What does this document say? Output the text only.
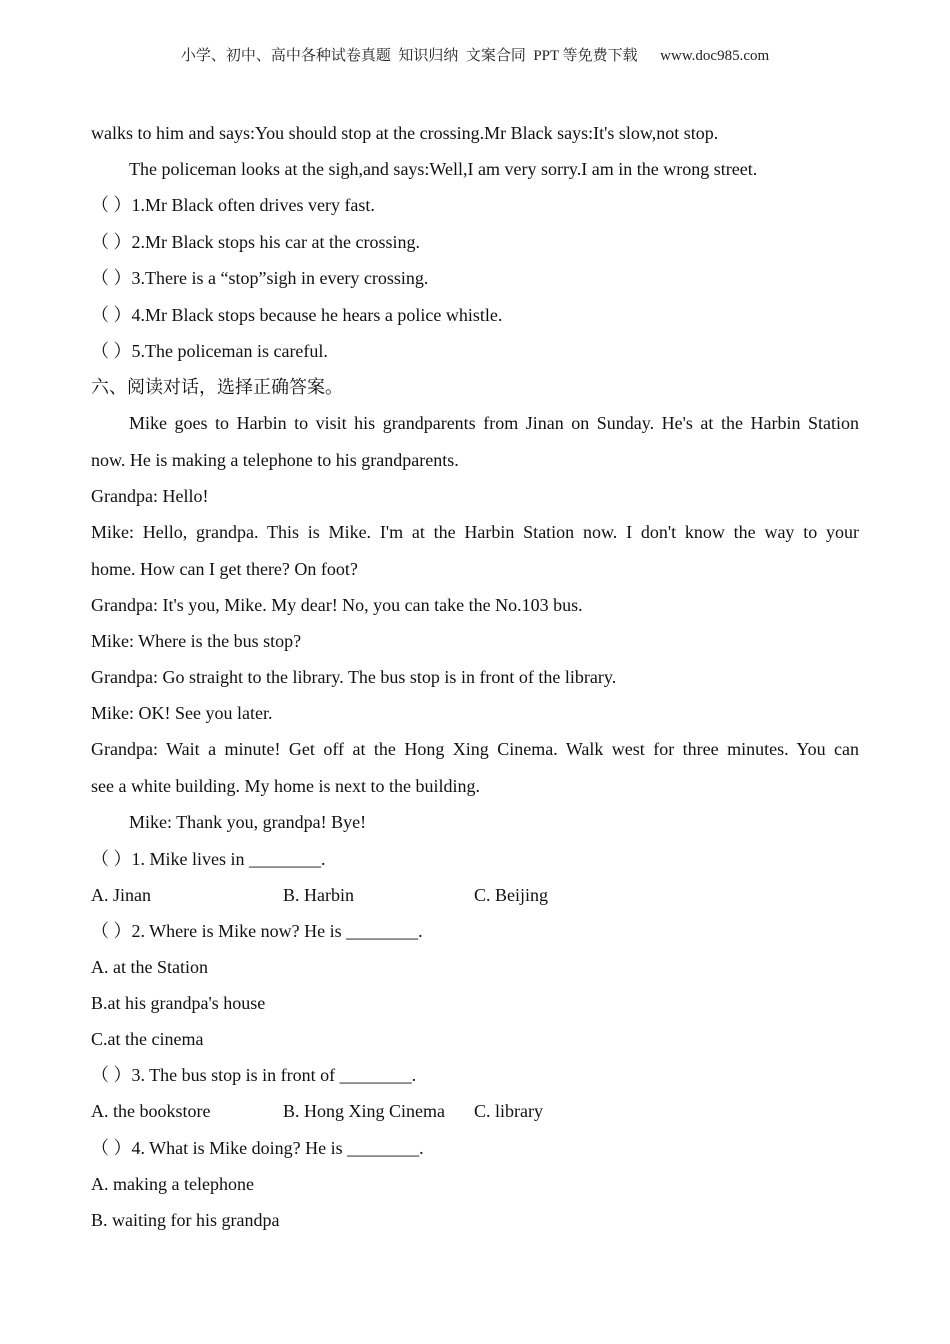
小学、初中、高中各种试卷真题  知识归纳  文案合同  PPT 等免费下载      www.doc985.com
walks to him and says:You should stop at the crossing.Mr Black says:It's slow,not stop.
The policeman looks at the sigh,and says:Well,I am very sorry.I am in the wrong street.
（ ）1.Mr Black often drives very fast.
（ ）2.Mr Black stops his car at the crossing.
（ ）3.There is a “stop”sigh in every crossing.
（ ）4.Mr Black stops because he hears a police whistle.
（ ）5.The policeman is careful.
六、阅读对话，选择正确答案。
Mike goes to Harbin to visit his grandparents from Jinan on Sunday. He's at the Harbin Station
now. He is making a telephone to his grandparents.
Grandpa: Hello!
Mike: Hello, grandpa. This is Mike. I'm at the Harbin Station now. I don't know the way to your
home. How can I get there? On foot?
Grandpa: It's you, Mike. My dear! No, you can take the No.103 bus.
Mike: Where is the bus stop?
Grandpa: Go straight to the library. The bus stop is in front of the library.
Mike: OK! See you later.
Grandpa: Wait a minute! Get off at the Hong Xing Cinema. Walk west for three minutes. You can
see a white building. My home is next to the building.
Mike: Thank you, grandpa! Bye!
（ ）1. Mike lives in ________.
A. Jinan	B. Harbin	C. Beijing
（ ）2. Where is Mike now? He is ________.
A. at the Station
B.at his grandpa's house
C.at the cinema
（ ）3. The bus stop is in front of ________.
A. the bookstore	B. Hong Xing Cinema C. library
（ ）4. What is Mike doing? He is ________.
A. making a telephone
B. waiting for his grandpa
